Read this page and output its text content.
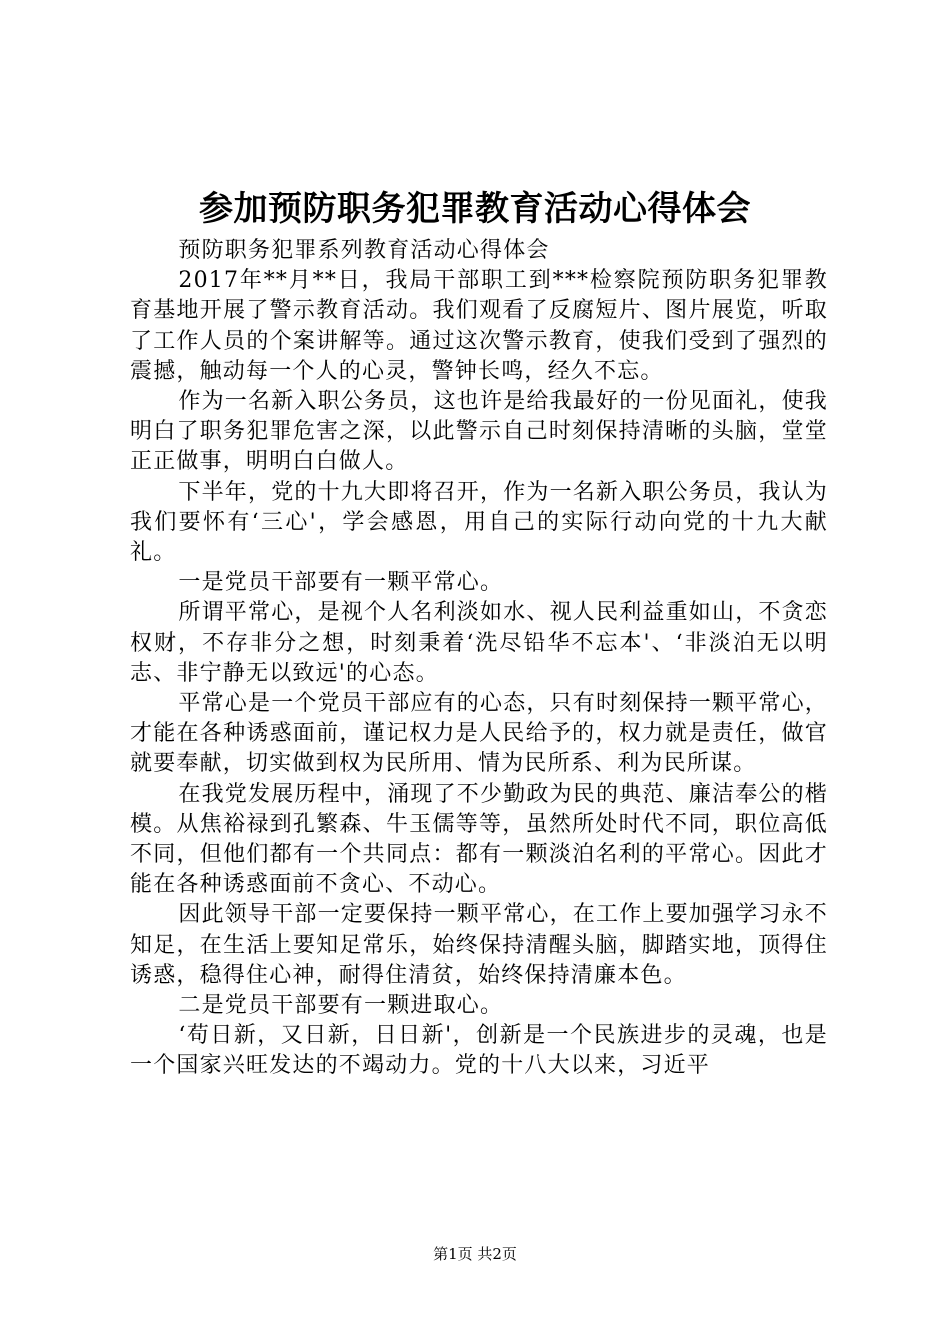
参加预防职务犯罪教育活动心得体会

预防职务犯罪系列教育活动心得体会

2017年**月**日，我局干部职工到***检察院预防职务犯罪教育基地开展了警示教育活动。我们观看了反腐短片、图片展览，听取了工作人员的个案讲解等。通过这次警示教育，使我们受到了强烈的震撼，触动每一个人的心灵，警钟长鸣，经久不忘。

作为一名新入职公务员，这也许是给我最好的一份见面礼，使我明白了职务犯罪危害之深，以此警示自己时刻保持清晰的头脑，堂堂正正做事，明明白白做人。

下半年，党的十九大即将召开，作为一名新入职公务员，我认为我们要怀有‘三心'，学会感恩，用自己的实际行动向党的十九大献礼。

一是党员干部要有一颗平常心。

所谓平常心，是视个人名利淡如水、视人民利益重如山，不贪恋权财，不存非分之想，时刻秉着‘洗尽铅华不忘本'、‘非淡泊无以明志、非宁静无以致远'的心态。

平常心是一个党员干部应有的心态，只有时刻保持一颗平常心，才能在各种诱惑面前，谨记权力是人民给予的，权力就是责任，做官就要奉献，切实做到权为民所用、情为民所系、利为民所谋。

在我党发展历程中，涌现了不少勤政为民的典范、廉洁奉公的楷模。从焦裕禄到孔繁森、牛玉儒等等，虽然所处时代不同，职位高低不同，但他们都有一个共同点：都有一颗淡泊名利的平常心。因此才能在各种诱惑面前不贪心、不动心。

因此领导干部一定要保持一颗平常心，在工作上要加强学习永不知足，在生活上要知足常乐，始终保持清醒头脑，脚踏实地，顶得住诱惑，稳得住心神，耐得住清贫，始终保持清廉本色。

二是党员干部要有一颗进取心。

‘苟日新，又日新，日日新'，创新是一个民族进步的灵魂，也是一个国家兴旺发达的不竭动力。党的十八大以来，习近平

第1页 共2页
